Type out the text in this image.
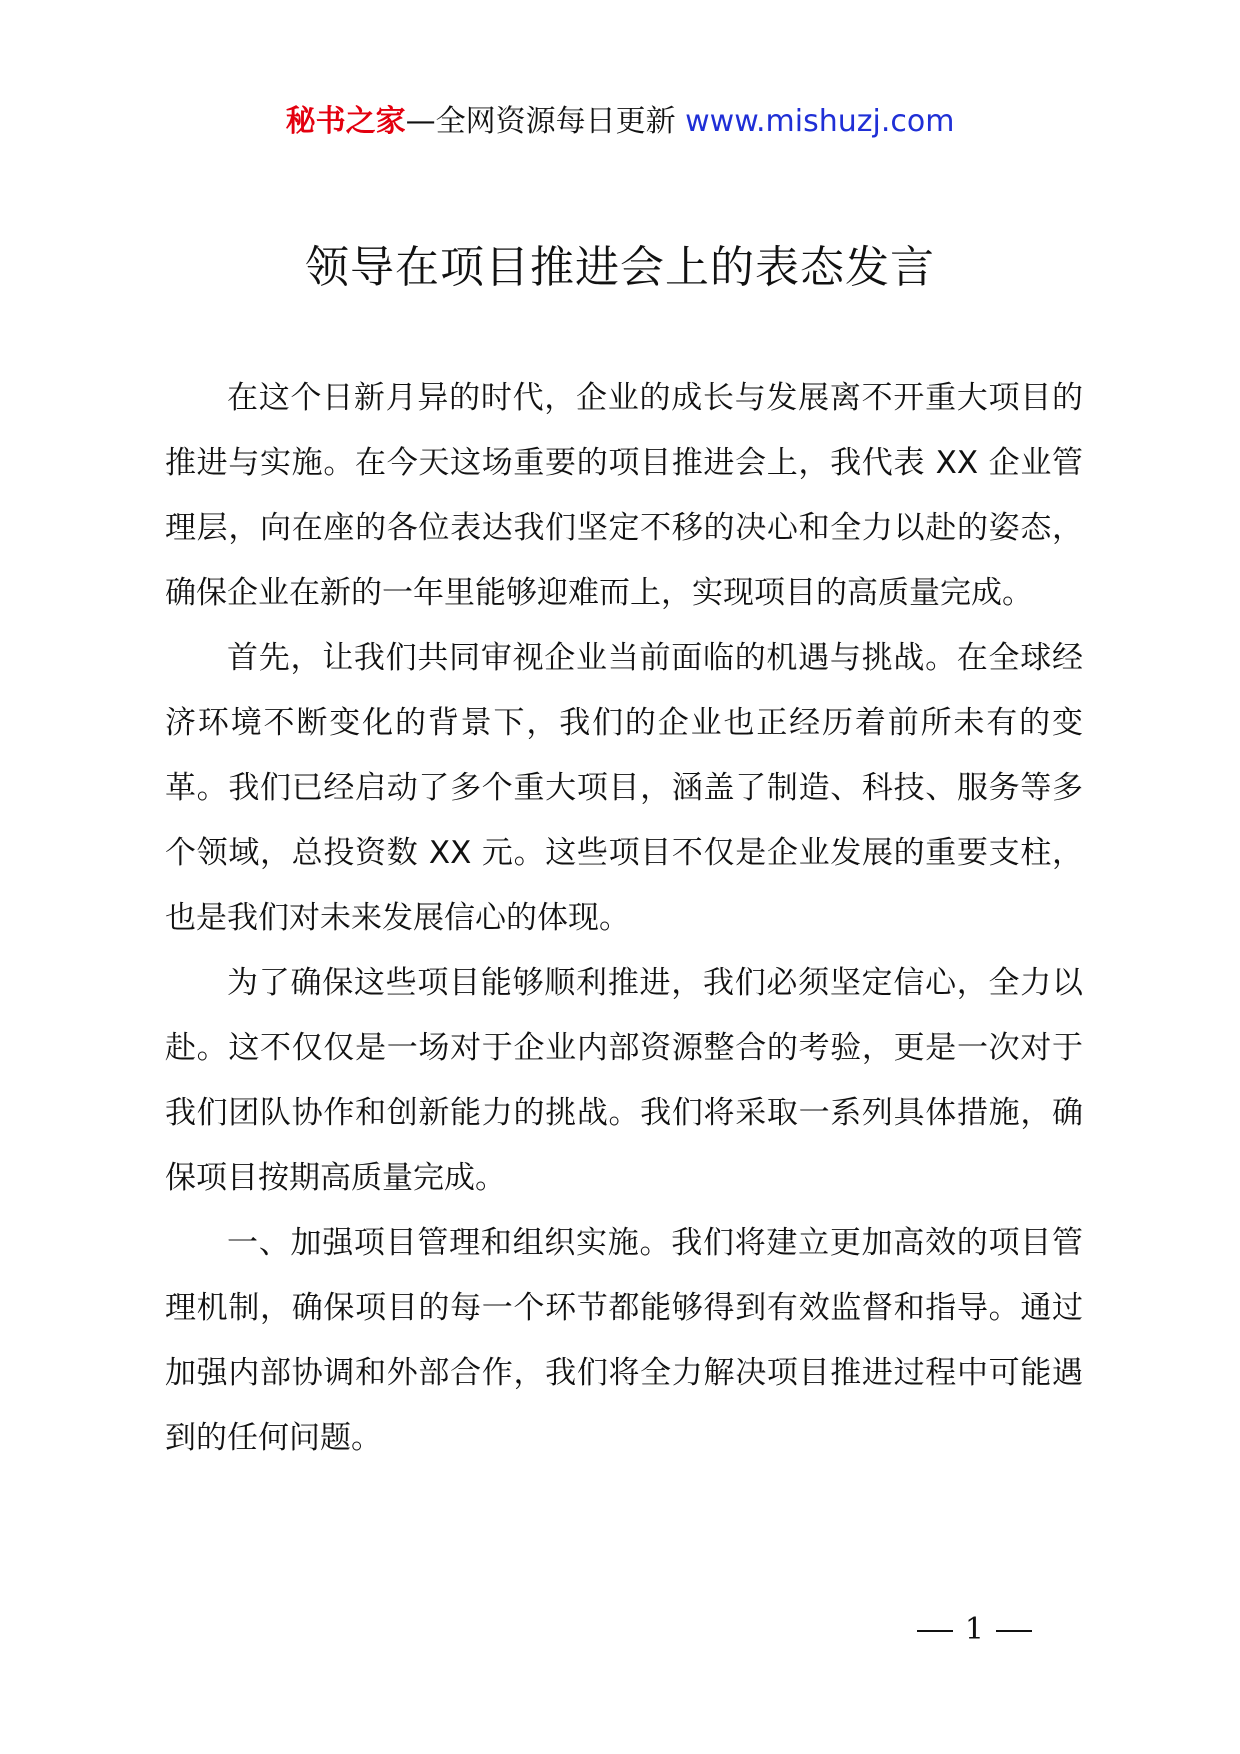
秘书之家—全网资源每日更新 www.mishuzj.com
领导在项目推进会上的表态发言

在这个日新月异的时代，企业的成长与发展离不开重大项目的推进与实施。在今天这场重要的项目推进会上，我代表 XX 企业管理层，向在座的各位表达我们坚定不移的决心和全力以赴的姿态，确保企业在新的一年里能够迎难而上，实现项目的高质量完成。

首先，让我们共同审视企业当前面临的机遇与挑战。在全球经济环境不断变化的背景下，我们的企业也正经历着前所未有的变革。我们已经启动了多个重大项目，涵盖了制造、科技、服务等多个领域，总投资数 XX 元。这些项目不仅是企业发展的重要支柱，也是我们对未来发展信心的体现。

为了确保这些项目能够顺利推进，我们必须坚定信心，全力以赴。这不仅仅是一场对于企业内部资源整合的考验，更是一次对于我们团队协作和创新能力的挑战。我们将采取一系列具体措施，确保项目按期高质量完成。

一、加强项目管理和组织实施。我们将建立更加高效的项目管理机制，确保项目的每一个环节都能够得到有效监督和指导。通过加强内部协调和外部合作，我们将全力解决项目推进过程中可能遇到的任何问题。

1
